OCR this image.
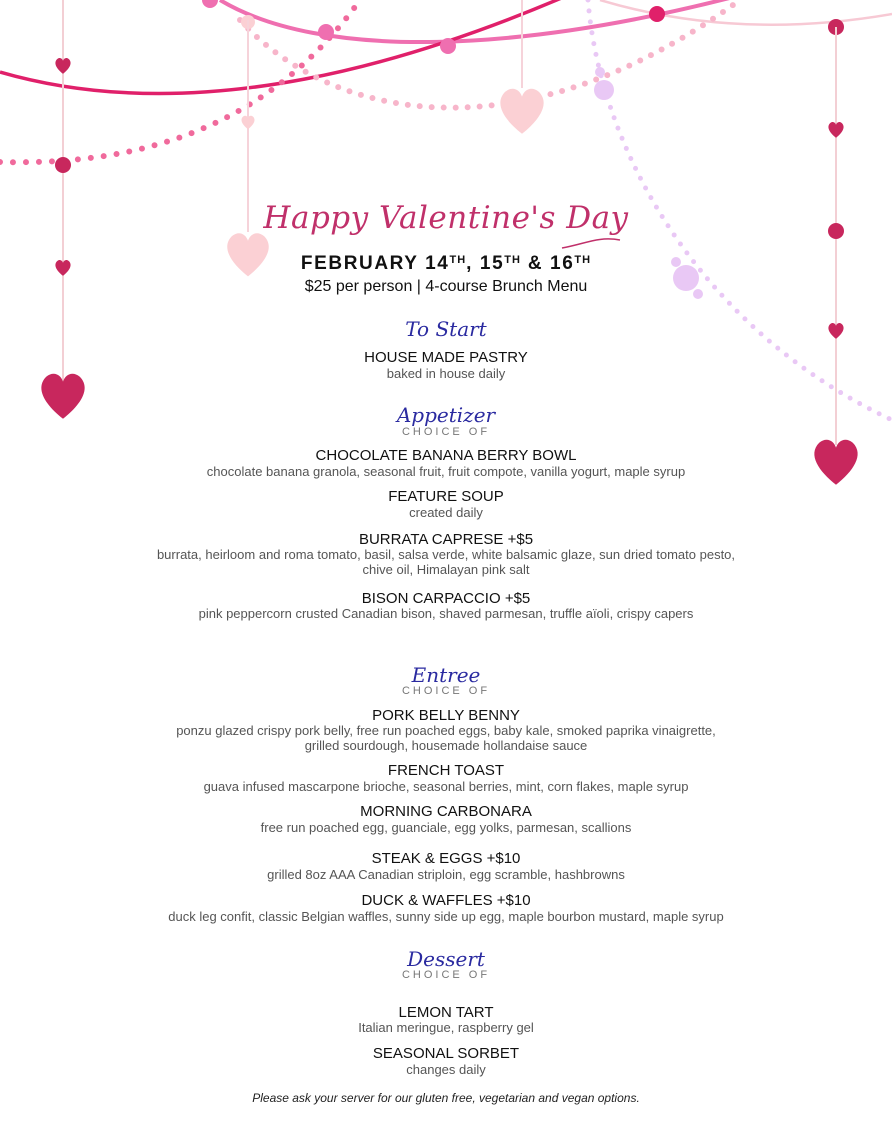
Happy Valentine's Day
FEBRUARY 14TH, 15TH & 16TH
$25 per person | 4-course Brunch Menu
To Start
HOUSE MADE PASTRY
baked in house daily
Appetizer
CHOICE OF
CHOCOLATE BANANA BERRY BOWL
chocolate banana granola, seasonal fruit, fruit compote, vanilla yogurt, maple syrup
FEATURE SOUP
created daily
BURRATA CAPRESE +$5
burrata, heirloom and roma tomato, basil, salsa verde, white balsamic glaze, sun dried tomato pesto,
chive oil, Himalayan pink salt
BISON CARPACCIO +$5
pink peppercorn crusted Canadian bison, shaved parmesan, truffle aïoli, crispy capers
Entree
CHOICE OF
PORK BELLY BENNY
ponzu glazed crispy pork belly, free run poached eggs, baby kale, smoked paprika vinaigrette,
grilled sourdough, housemade hollandaise sauce
FRENCH TOAST
guava infused mascarpone brioche, seasonal berries, mint, corn flakes, maple syrup
MORNING CARBONARA
free run poached egg, guanciale, egg yolks, parmesan, scallions
STEAK & EGGS +$10
grilled 8oz AAA Canadian striploin, egg scramble, hashbrowns
DUCK & WAFFLES +$10
duck leg confit, classic Belgian waffles, sunny side up egg, maple bourbon mustard, maple syrup
Dessert
CHOICE OF
LEMON TART
Italian meringue, raspberry gel
SEASONAL SORBET
changes daily
Please ask your server for our gluten free, vegetarian and vegan options.
